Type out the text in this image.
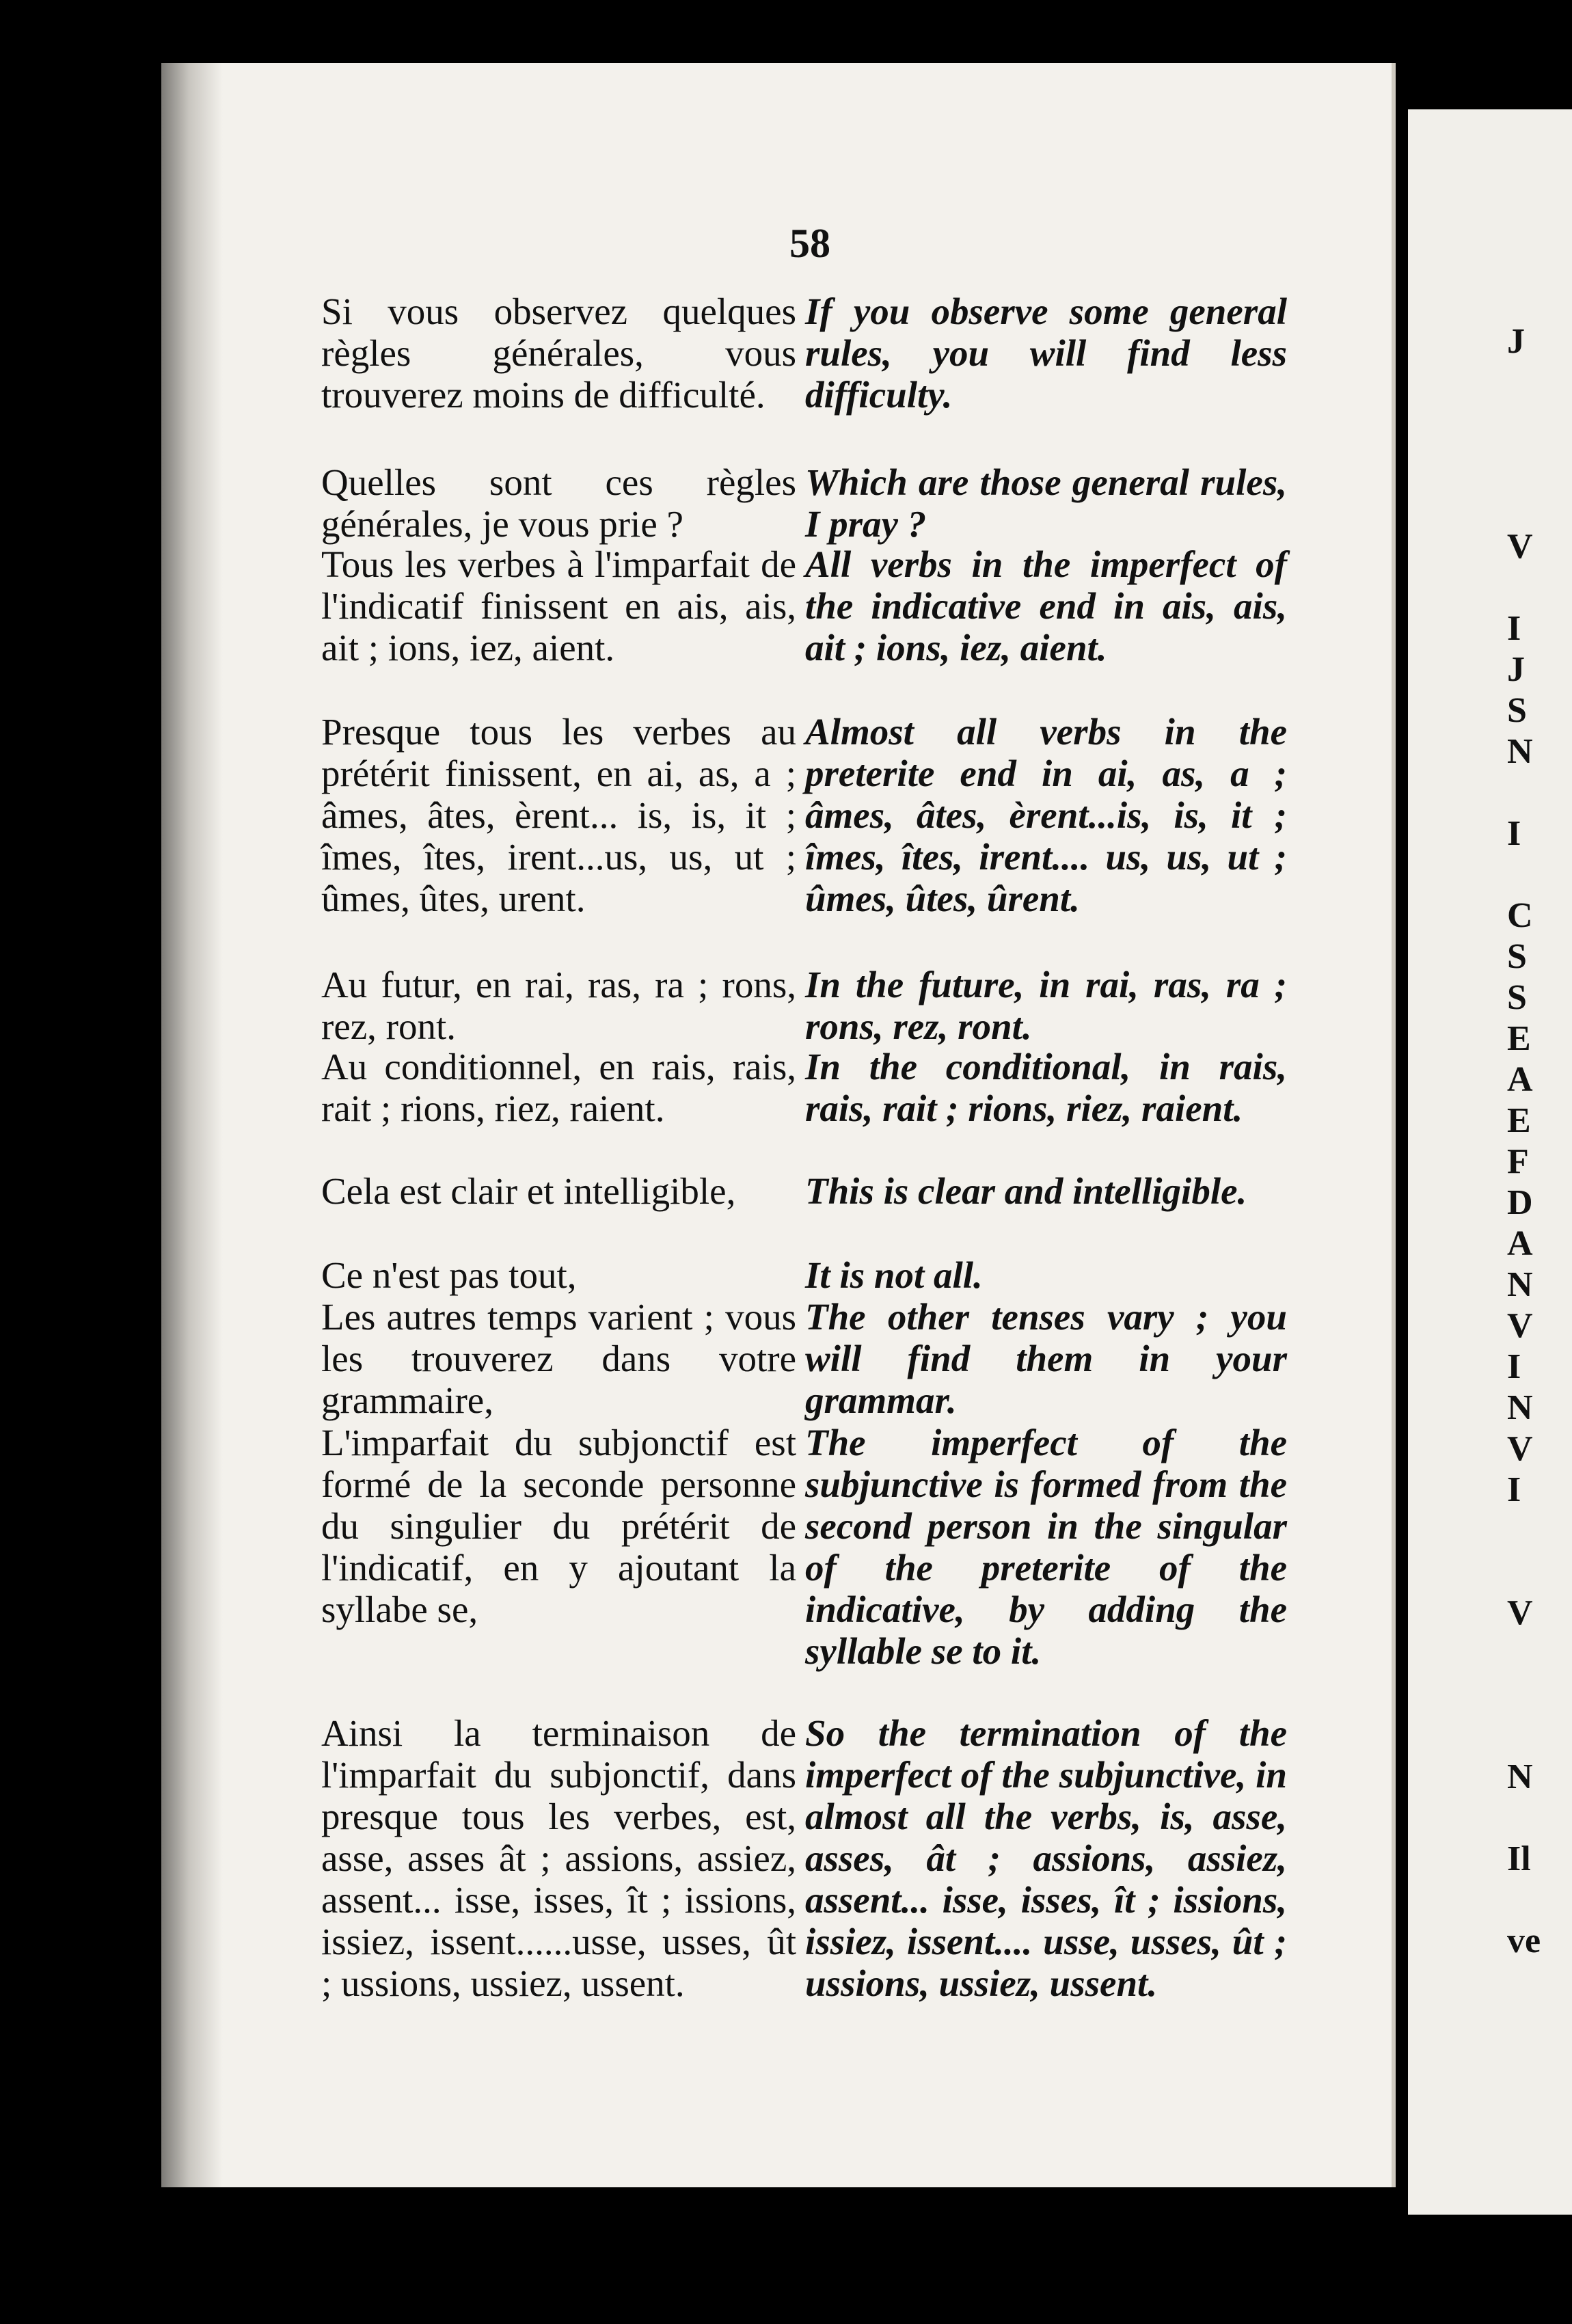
58
Si vous observez quelques règles générales, vous trouverez moins de difficulté.
If you observe some general rules, you will find less difficulty.
Quelles sont ces règles générales, je vous prie ?
Which are those general rules, I pray ?
Tous les verbes à l'imparfait de l'indicatif finissent en ais, ais, ait ; ions, iez, aient.
All verbs in the imperfect of the indicative end in ais, ais, ait ; ions, iez, aient.
Presque tous les verbes au prétérit finissent, en ai, as, a ; âmes, âtes, èrent... is, is, it ; îmes, îtes, irent...us, us, ut ; ûmes, ûtes, urent.
Almost all verbs in the preterite end in ai, as, a ; âmes, âtes, èrent...is, is, it ; îmes, îtes, irent.... us, us, ut ; ûmes, ûtes, ûrent.
Au futur, en rai, ras, ra ; rons, rez, ront.
In the future, in rai, ras, ra ; rons, rez, ront.
Au conditionnel, en rais, rais, rait ; rions, riez, raient.
In the conditional, in rais, rais, rait ; rions, riez, raient.
Cela est clair et intelligible,	This is clear and intelligible.
Ce n'est pas tout,	It is not all.
Les autres temps varient ; vous les trouverez dans votre grammaire,
The other tenses vary ; you will find them in your grammar.
L'imparfait du subjonctif est formé de la seconde personne du singulier du prétérit de l'indicatif, en y ajoutant la syllabe se,
The imperfect of the subjunctive is formed from the second person in the singular of the preterite of the indicative, by adding the syllable se to it.
Ainsi la terminaison de l'imparfait du subjonctif, dans presque tous les verbes, est, asse, asses ât ; assions, assiez, assent... isse, isses, ît ; issions, issiez, issent......usse, usses, ût ; ussions, ussiez, ussent.
So the termination of the imperfect of the subjunctive, in almost all the verbs, is, asse, asses, ât ; assions, assiez, assent... isse, isses, ît ; issions, issiez, issent.... usse, usses, ût ; ussions, ussiez, ussent.
J

V

I
J
S
N

I

C
S
S
E
A
E
F
D
A
N
V
I
N
V
I

V

N

Il

ve
